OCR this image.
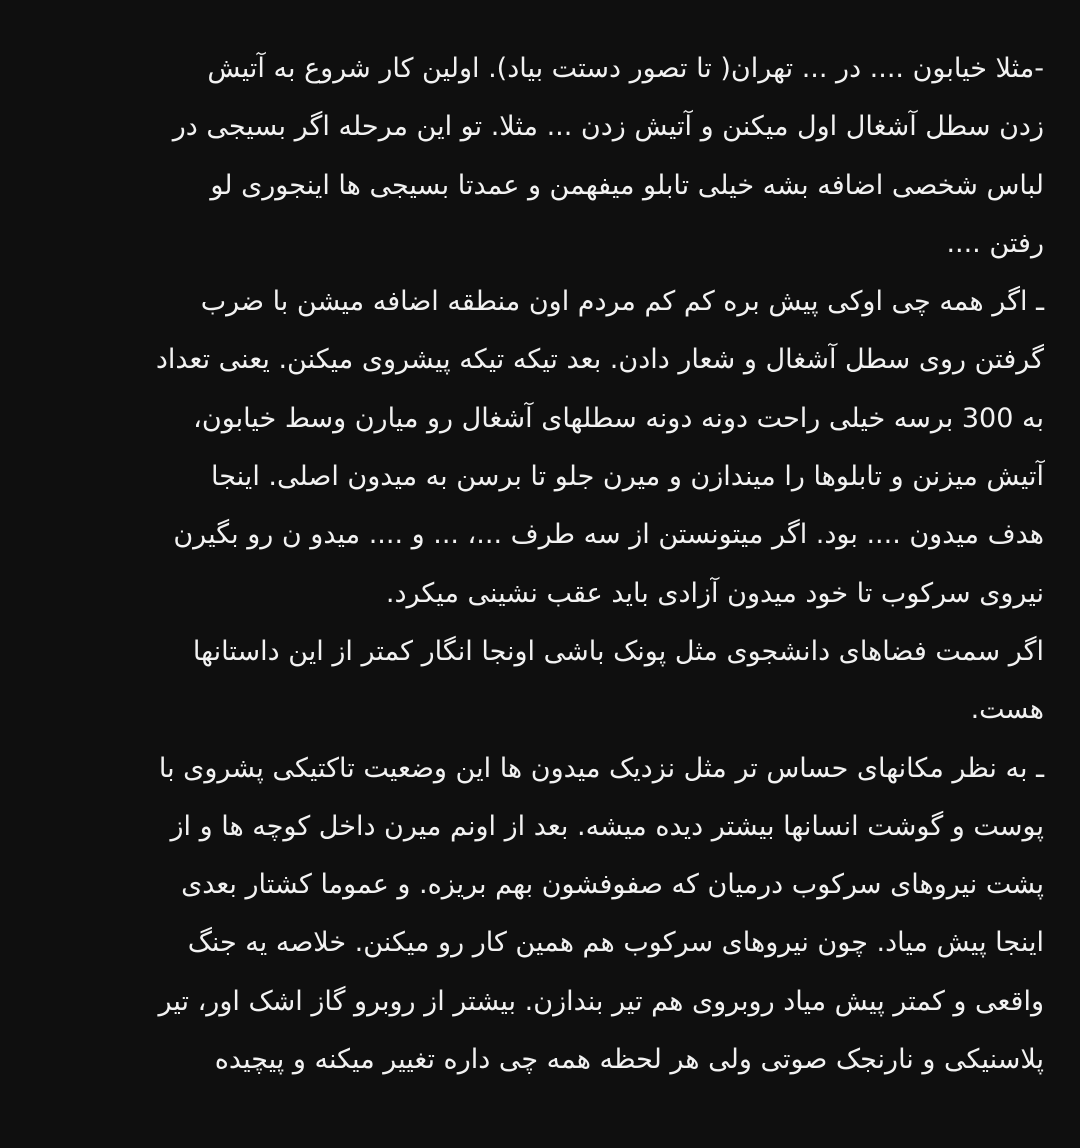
-مثلا خیابون .... در ... تهران( تا تصور دستت بیاد). اولین کار شروع به آتیش
زدن سطل آشغال اول میکنن و آتیش زدن ... مثلا. تو این مرحله اگر بسیجی در
لباس شخصی اضافه بشه خیلی تابلو میفهمن و عمدتا بسیجی ها اینجوری لو
رفتن ....
ـ اگر همه چی اوکی پیش بره کم کم مردم اون منطقه اضافه میشن با ضرب
گرفتن روی سطل آشغال و شعار دادن. بعد تیکه تیکه پیشروی میکنن. یعنی تعداد
به 300 برسه خیلی راحت دونه دونه سطلهای آشغال رو میارن وسط خیابون،
آتیش میزنن و تابلوها را میندازن و میرن جلو تا برسن به میدون اصلی. اینجا
هدف میدون .... بود. اگر میتونستن از سه طرف ...، ... و .... میدو ن رو بگیرن
نیروی سرکوب تا خود میدون آزادی باید عقب نشینی میکرد.
اگر سمت فضاهای دانشجوی مثل پونک باشی اونجا انگار کمتر از این داستانها
هست.
ـ به نظر مکانهای حساس تر مثل نزدیک میدون ها این وضعیت تاکتیکی پشروی با
پوست و گوشت انسانها بیشتر دیده میشه. بعد از اونم میرن داخل کوچه ها و از
پشت نیروهای سرکوب درمیان که صفوفشون بهم بریزه. و عموما کشتار بعدی
اینجا پیش میاد. چون نیروهای سرکوب هم همین کار رو میکنن. خلاصه یه جنگ
واقعی و کمتر پیش میاد روبروی هم تیر بندازن. بیشتر از روبرو گاز اشک اور، تیر
پلاسنیکی و نارنجک صوتی ولی هر لحظه همه چی داره تغییر میکنه و پیچیده
